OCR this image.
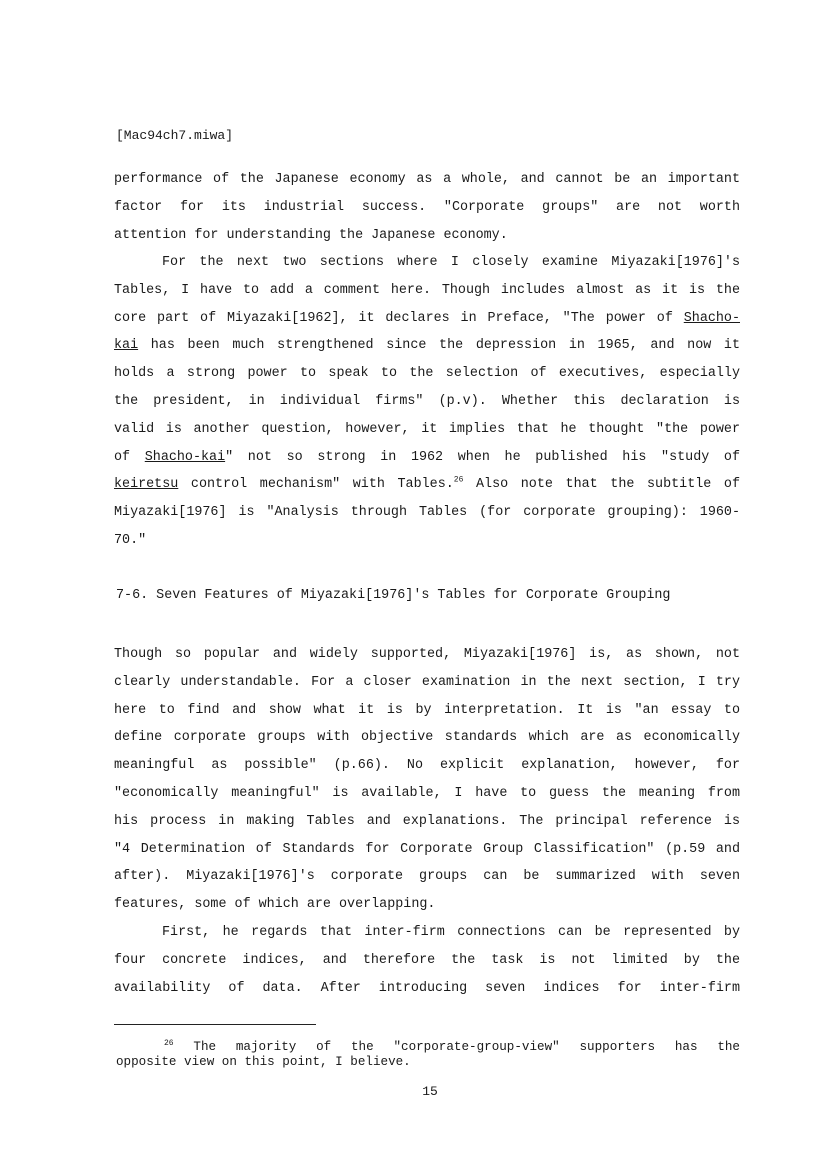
[Mac94ch7.miwa]
performance of the Japanese economy as a whole, and cannot be an important
factor for its industrial success. "Corporate groups" are not worth
attention for understanding the Japanese economy.
For the next two sections where I closely examine Miyazaki[1976]'s
Tables, I have to add a comment here. Though includes almost as it is the
core part of Miyazaki[1962], it declares in Preface, "The power of Shacho-
kai has been much strengthened since the depression in 1965, and now it
holds a strong power to speak to the selection of executives, especially
the president, in individual firms" (p.v). Whether this declaration is
valid is another question, however, it implies that he thought "the power
of Shacho-kai" not so strong in 1962 when he published his "study of
keiretsu control mechanism" with Tables.$^{26}$ Also note that the subtitle of
Miyazaki[1976] is "Analysis through Tables (for corporate grouping): 1960-
70."
7-6. Seven Features of Miyazaki[1976]'s Tables for Corporate Grouping
Though so popular and widely supported, Miyazaki[1976] is, as shown, not
clearly understandable. For a closer examination in the next section, I try
here to find and show what it is by interpretation. It is "an essay to
define corporate groups with objective standards which are as economically
meaningful as possible" (p.66). No explicit explanation, however, for
"economically meaningful" is available, I have to guess the meaning from
his process in making Tables and explanations. The principal reference is
"4 Determination of Standards for Corporate Group Classification" (p.59 and
after). Miyazaki[1976]'s corporate groups can be summarized with seven
features, some of which are overlapping.
First, he regards that inter-firm connections can be represented by
four concrete indices, and therefore the task is not limited by the
availability of data. After introducing seven indices for inter-firm
$^{26}$ The majority of the "corporate-group-view" supporters has the
opposite view on this point, I believe.
15
